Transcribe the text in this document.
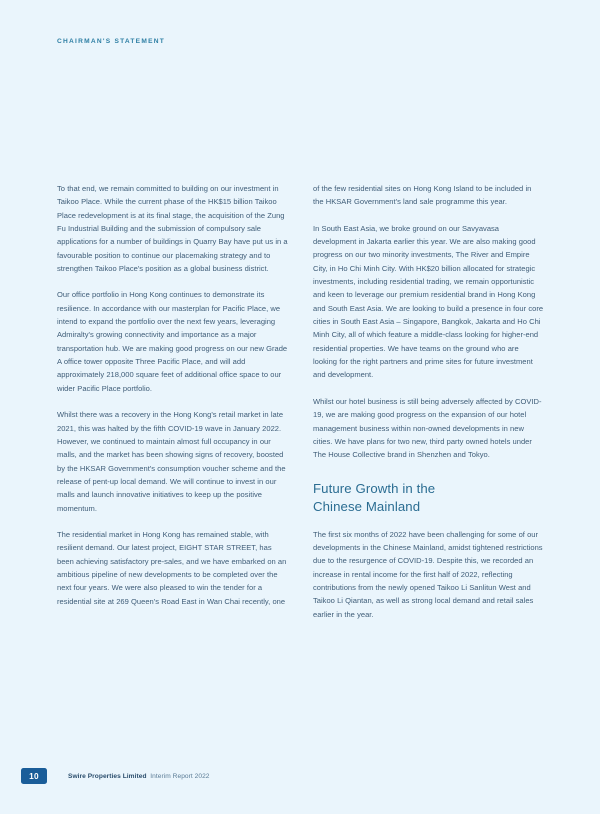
CHAIRMAN'S STATEMENT

To that end, we remain committed to building on our investment in Taikoo Place. While the current phase of the HK$15 billion Taikoo Place redevelopment is at its final stage, the acquisition of the Zung Fu Industrial Building and the submission of compulsory sale applications for a number of buildings in Quarry Bay have put us in a favourable position to continue our placemaking strategy and to strengthen Taikoo Place's position as a global business district.

Our office portfolio in Hong Kong continues to demonstrate its resilience. In accordance with our masterplan for Pacific Place, we intend to expand the portfolio over the next few years, leveraging Admiralty's growing connectivity and importance as a major transportation hub. We are making good progress on our new Grade A office tower opposite Three Pacific Place, and will add approximately 218,000 square feet of additional office space to our wider Pacific Place portfolio.

Whilst there was a recovery in the Hong Kong's retail market in late 2021, this was halted by the fifth COVID-19 wave in January 2022. However, we continued to maintain almost full occupancy in our malls, and the market has been showing signs of recovery, boosted by the HKSAR Government's consumption voucher scheme and the release of pent-up local demand. We will continue to invest in our malls and launch innovative initiatives to keep up the positive momentum.

The residential market in Hong Kong has remained stable, with resilient demand. Our latest project, EIGHT STAR STREET, has been achieving satisfactory pre-sales, and we have embarked on an ambitious pipeline of new developments to be completed over the next four years. We were also pleased to win the tender for a residential site at 269 Queen's Road East in Wan Chai recently, one

of the few residential sites on Hong Kong Island to be included in the HKSAR Government's land sale programme this year.

In South East Asia, we broke ground on our Savyavasa development in Jakarta earlier this year. We are also making good progress on our two minority investments, The River and Empire City, in Ho Chi Minh City. With HK$20 billion allocated for strategic investments, including residential trading, we remain opportunistic and keen to leverage our premium residential brand in Hong Kong and South East Asia. We are looking to build a presence in four core cities in South East Asia – Singapore, Bangkok, Jakarta and Ho Chi Minh City, all of which feature a middle-class looking for higher-end residential properties. We have teams on the ground who are looking for the right partners and prime sites for future investment and development.

Whilst our hotel business is still being adversely affected by COVID-19, we are making good progress on the expansion of our hotel management business within non-owned developments in new cities. We have plans for two new, third party owned hotels under The House Collective brand in Shenzhen and Tokyo.

Future Growth in the
Chinese Mainland

The first six months of 2022 have been challenging for some of our developments in the Chinese Mainland, amidst tightened restrictions due to the resurgence of COVID-19. Despite this, we recorded an increase in rental income for the first half of 2022, reflecting contributions from the newly opened Taikoo Li Sanlitun West and Taikoo Li Qiantan, as well as strong local demand and retail sales earlier in the year.

10	Swire Properties Limited Interim Report 2022
